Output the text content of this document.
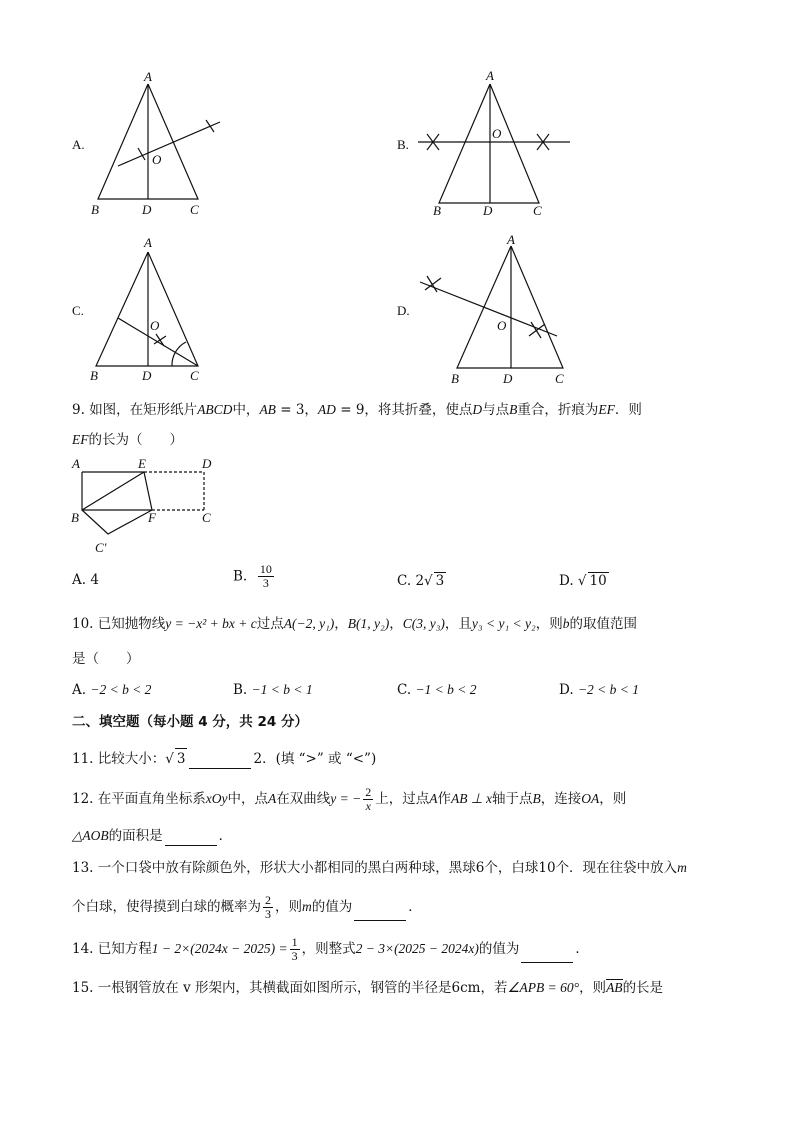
A.
A
O
B	D	C
B.
A
O
B	D	C
C.
A
O
B	D	C
D.
A
O
B	D	C
9. 如图，在矩形纸片ABCD中，AB = 3，AD = 9，将其折叠，使点D与点B重合，折痕为EF．则
EF的长为（　　）
A	E	D
B	F	C
C′
A. 4	B. $\frac{10}{3}$	C. 2√ 3	D. √ 10
10. 已知抛物线y = −x² + bx + c过点A(−2, y₁)，B(1, y₂)，C(3, y₃)，且y₃ < y₁ < y₂，则b的取值范围
是（　　）
A. −2 < b < 2	B. −1 < b < 1	C. −1 < b < 2	D. −2 < b < 1
二、填空题（每小题 4 分，共 24 分）
11. 比较大小：√ 3	2．(填 “>” 或 “<”)
12. 在平面直角坐标系xOy中，点A在双曲线y = − $\frac{2}{x}$ 上，过点A作AB ⊥ x轴于点B，连接OA，则
△AOB的面积是	．
13. 一个口袋中放有除颜色外，形状大小都相同的黑白两种球，黑球6个，白球10个．现在往袋中放入m
个白球，使得摸到白球的概率为 $\frac{2}{3}$ ，则m的值为	．
14. 已知方程$1 - 2\times(2024x - 2025) = \frac{1}{3}$ ，则整式2 − 3×(2025 − 2024x)的值为	．
15. 一根钢管放在 v 形架内，其横截面如图所示，钢管的半径是6cm，若∠APB = 60°，则AB的长是
